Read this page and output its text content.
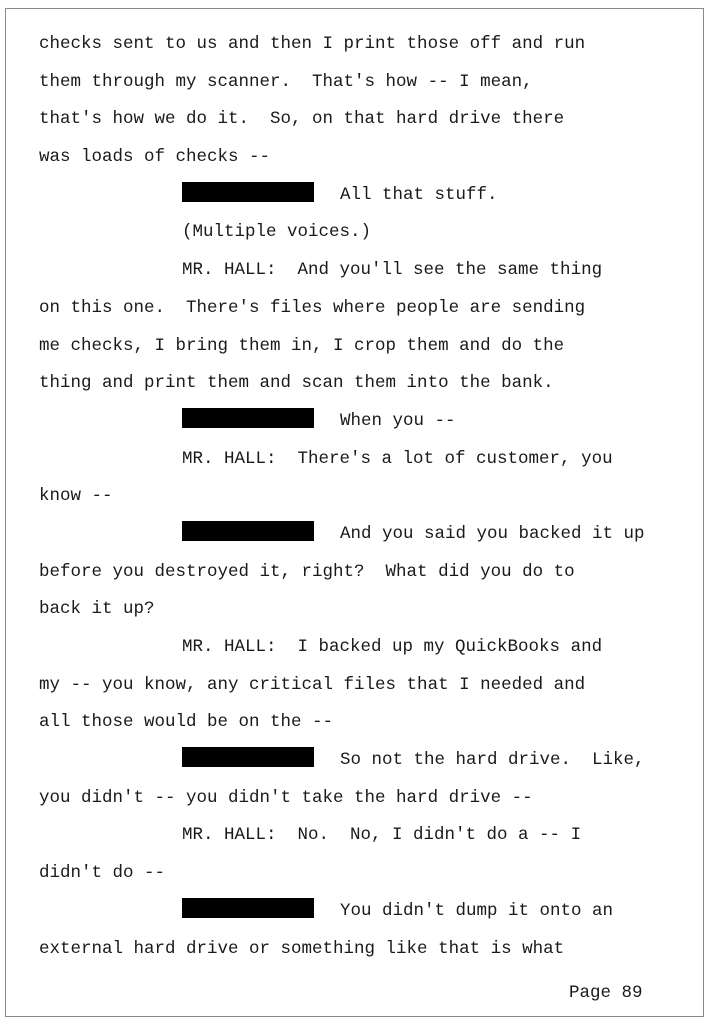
checks sent to us and then I print those off and run
them through my scanner.  That's how -- I mean,
that's how we do it.  So, on that hard drive there
was loads of checks --
All that stuff.
(Multiple voices.)
MR. HALL:  And you'll see the same thing
on this one.  There's files where people are sending
me checks, I bring them in, I crop them and do the
thing and print them and scan them into the bank.
When you --
MR. HALL:  There's a lot of customer, you
know --
And you said you backed it up
before you destroyed it, right?  What did you do to
back it up?
MR. HALL:  I backed up my QuickBooks and
my -- you know, any critical files that I needed and
all those would be on the --
So not the hard drive.  Like,
you didn't -- you didn't take the hard drive --
MR. HALL:  No.  No, I didn't do a -- I
didn't do --
You didn't dump it onto an
external hard drive or something like that is what
Page 89
